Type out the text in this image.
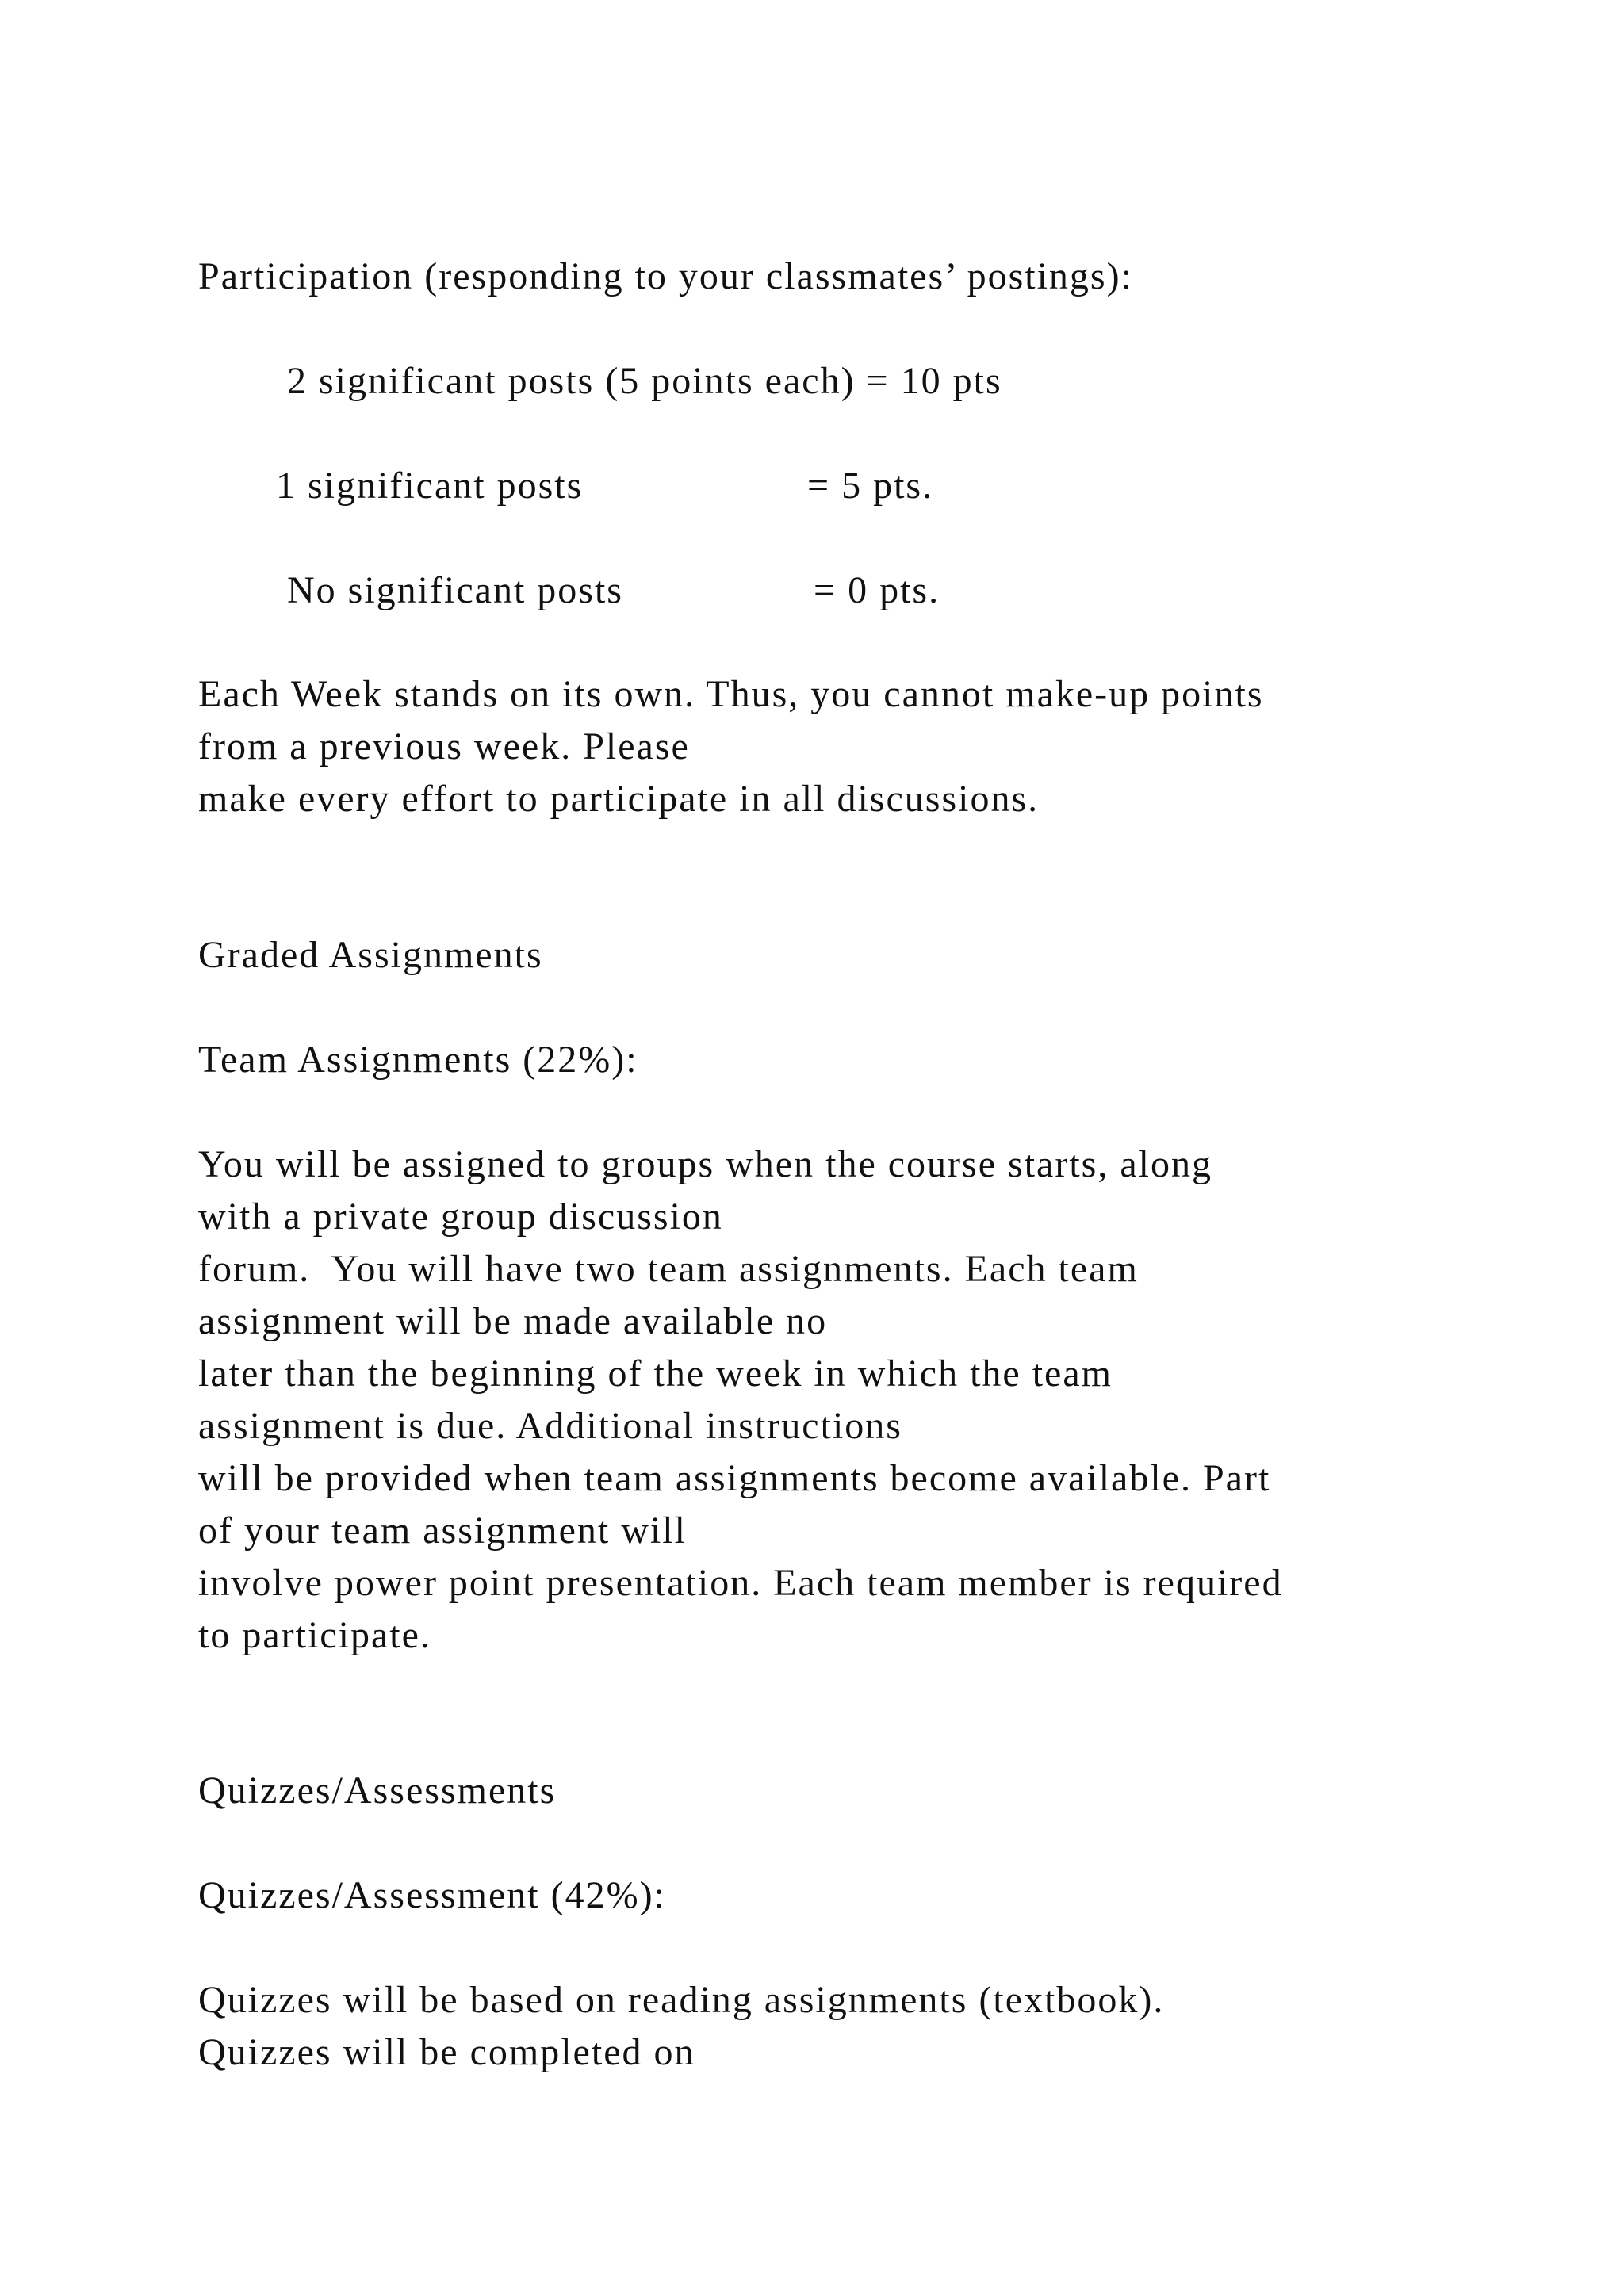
Participation (responding to your classmates’ postings):

2 significant posts (5 points each) = 10 pts

1 significant posts	= 5 pts.

No significant posts	= 0 pts.

Each Week stands on its own. Thus, you cannot make-up points

from a previous week. Please

make every effort to participate in all discussions.

Graded Assignments

Team Assignments (22%):

You will be assigned to groups when the course starts, along

with a private group discussion

forum.  You will have two team assignments. Each team

assignment will be made available no

later than the beginning of the week in which the team

assignment is due. Additional instructions

will be provided when team assignments become available. Part

of your team assignment will

involve power point presentation. Each team member is required

to participate.

Quizzes/Assessments

Quizzes/Assessment (42%):

Quizzes will be based on reading assignments (textbook).

Quizzes will be completed on
